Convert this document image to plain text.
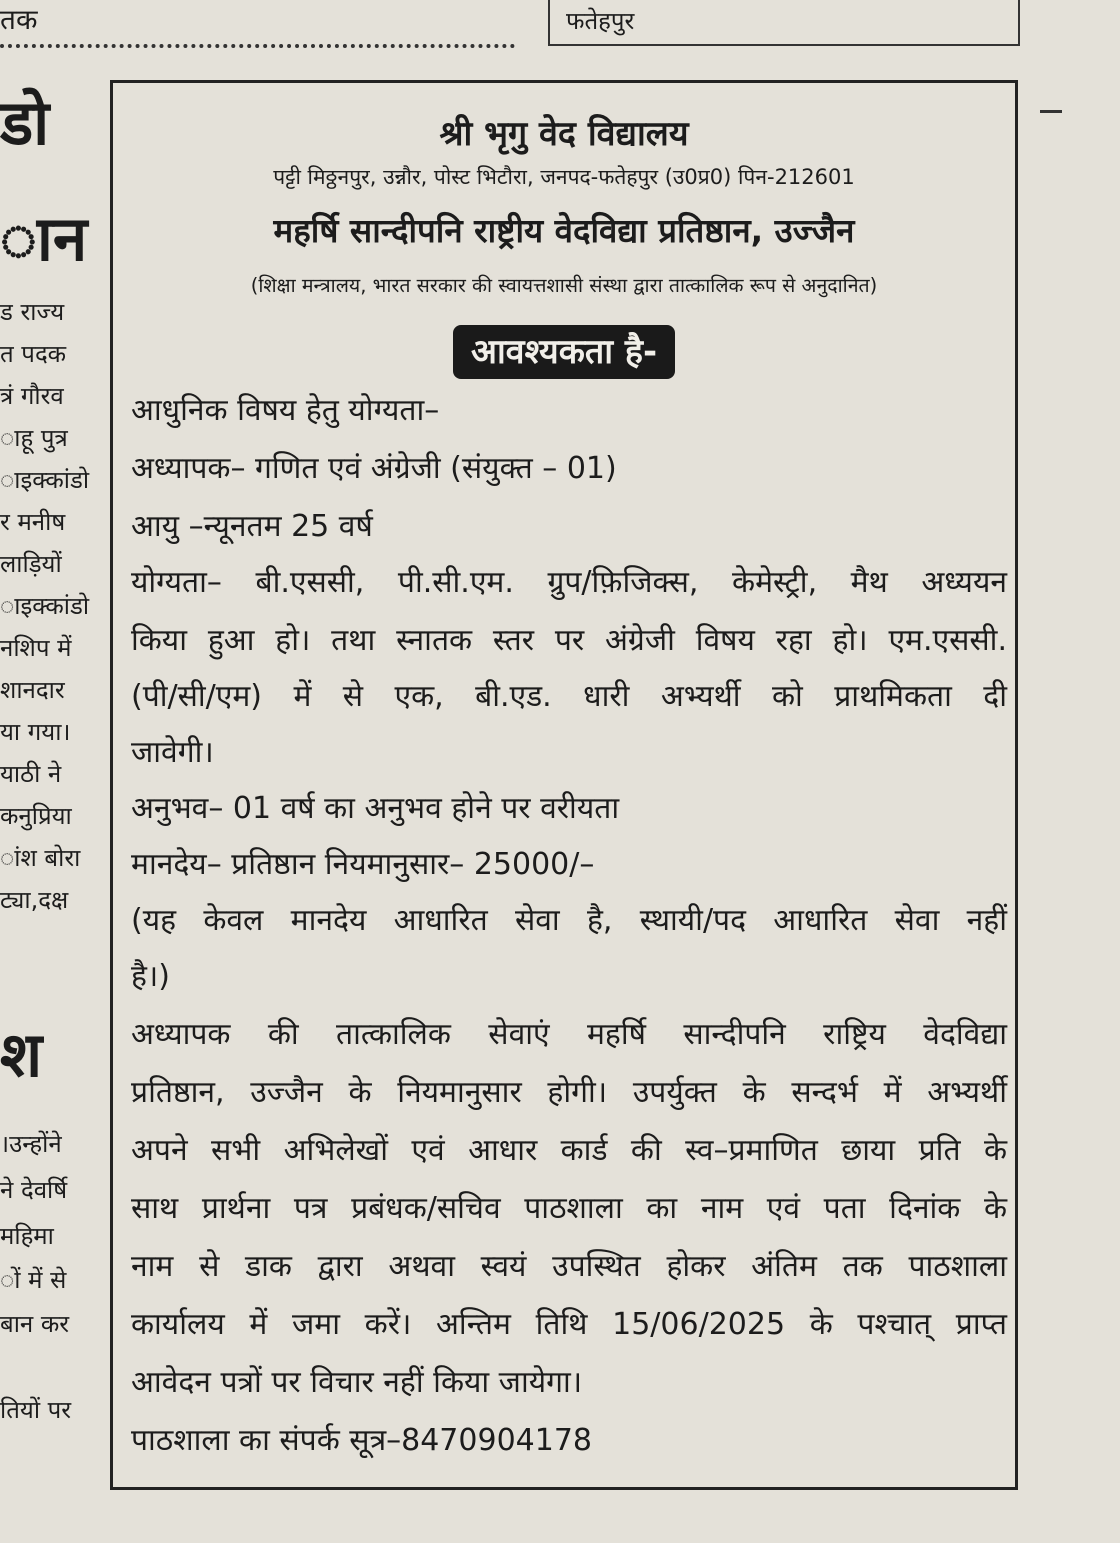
तक	फतेहपुर
डो
ान
ड राज्य
त पदक
त्रं गौरव
ाहू पुत्र
ाइक्कांडो
र मनीष
लाड़ियों
ाइक्कांडो
नशिप में
शानदार
या गया।
याठी ने
कनुप्रिया
ांश बोरा
ट्या,दक्ष
श
।उन्होंने
ने देवर्षि
महिमा
ों में से
बान कर
तियों पर
श्री भृगु वेद विद्यालय
पट्टी मिठ्ठनपुर, उन्नौर, पोस्ट भिटौरा, जनपद-फतेहपुर (उ0प्र0) पिन-212601
महर्षि सान्दीपनि राष्ट्रीय वेदविद्या प्रतिष्ठान, उज्जैन
(शिक्षा मन्त्रालय, भारत सरकार की स्वायत्तशासी संस्था द्वारा तात्कालिक रूप से अनुदानित)
आवश्यकता है-
आधुनिक विषय हेतु योग्यता–
अध्यापक– गणित एवं अंग्रेजी (संयुक्त – 01)
आयु –न्यूनतम 25 वर्ष
योग्यता– बी.एससी, पी.सी.एम. ग्रुप/फ़िजिक्स, केमेस्ट्री, मैथ अध्ययन
किया हुआ हो। तथा स्नातक स्तर पर अंग्रेजी विषय रहा हो। एम.एससी.
(पी/सी/एम) में से एक, बी.एड. धारी अभ्यर्थी को प्राथमिकता दी
जावेगी।
अनुभव– 01 वर्ष का अनुभव होने पर वरीयता
मानदेय– प्रतिष्ठान नियमानुसार– 25000/–
(यह केवल मानदेय आधारित सेवा है, स्थायी/पद आधारित सेवा नहीं
है।)
अध्यापक की तात्कालिक सेवाएं महर्षि सान्दीपनि राष्ट्रिय वेदविद्या
प्रतिष्ठान, उज्जैन के नियमानुसार होगी। उपर्युक्त के सन्दर्भ में अभ्यर्थी
अपने सभी अभिलेखों एवं आधार कार्ड की स्व–प्रमाणित छाया प्रति के
साथ प्रार्थना पत्र प्रबंधक/सचिव पाठशाला का नाम एवं पता दिनांक के
नाम से डाक द्वारा अथवा स्वयं उपस्थित होकर अंतिम तक पाठशाला
कार्यालय में जमा करें। अन्तिम तिथि 15/06/2025 के पश्चात् प्राप्त
आवेदन पत्रों पर विचार नहीं किया जायेगा।
पाठशाला का संपर्क सूत्र–8470904178
